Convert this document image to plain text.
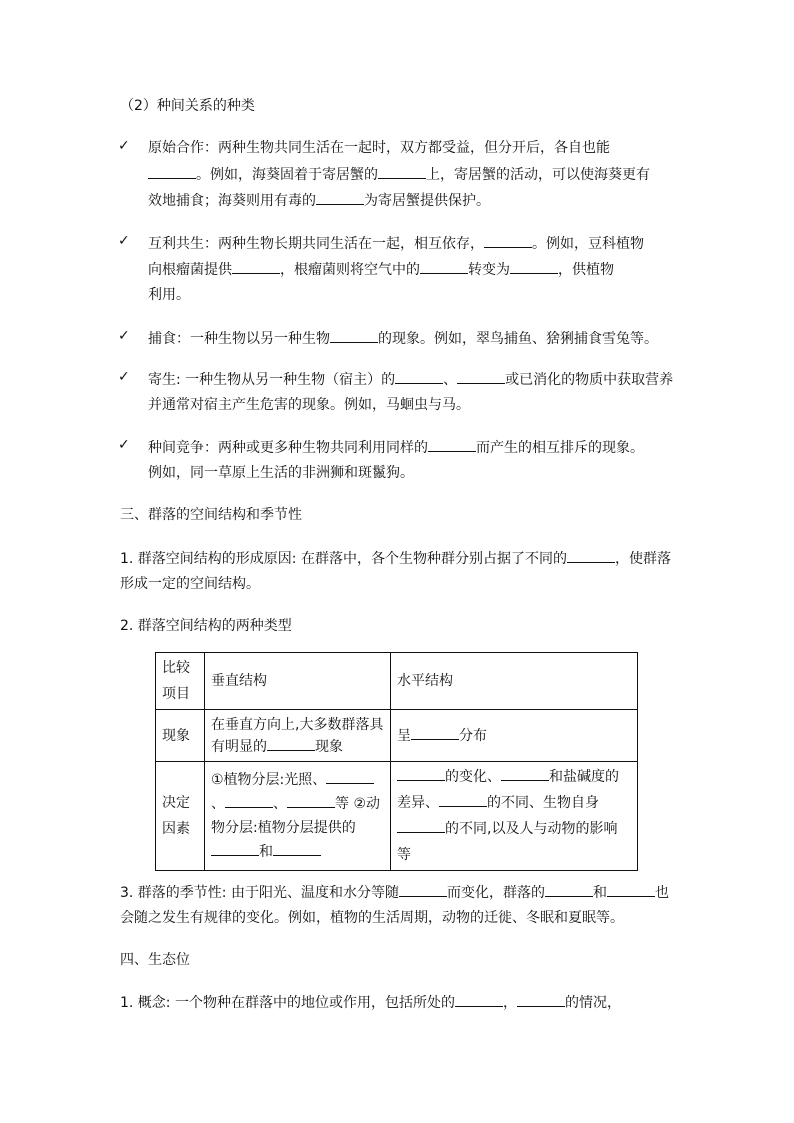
（2）种间关系的种类
✓ 原始合作：两种生物共同生活在一起时，双方都受益，但分开后，各自也能
。例如，海葵固着于寄居蟹的	上，寄居蟹的活动，可以使海葵更有
效地捕食；海葵则用有毒的	为寄居蟹提供保护。
✓ 互利共生：两种生物长期共同生活在一起，相互依存，	。例如，豆科植物
向根瘤菌提供	，根瘤菌则将空气中的	转变为	，供植物
利用。
✓ 捕食：一种生物以另一种生物	的现象。例如，翠鸟捕鱼、猞猁捕食雪兔等。
✓ 寄生: 一种生物从另一种生物（宿主）的	、	或已消化的物质中获取营养
并通常对宿主产生危害的现象。例如，马蛔虫与马。
✓ 种间竞争：两种或更多种生物共同利用同样的	而产生的相互排斥的现象。
例如，同一草原上生活的非洲狮和斑鬣狗。
三、群落的空间结构和季节性
1. 群落空间结构的形成原因: 在群落中，各个生物种群分别占据了不同的	，使群落
形成一定的空间结构。
2. 群落空间结构的两种类型
比较项目	垂直结构	水平结构
现象	在垂直方向上,大多数群落具有明显的 现象	呈 分布
决定因素	①植物分层:光照、、 、 等 ②动物分层:植物分层提供的和	的变化、 和盐碱度的差异、 的不同、生物自身的不同,以及人与动物的影响等
3. 群落的季节性: 由于阳光、温度和水分等随	而变化，群落的	和	也
会随之发生有规律的变化。例如，植物的生活周期，动物的迁徙、冬眠和夏眠等。
四、生态位
1. 概念: 一个物种在群落中的地位或作用，包括所处的	，	的情况，
